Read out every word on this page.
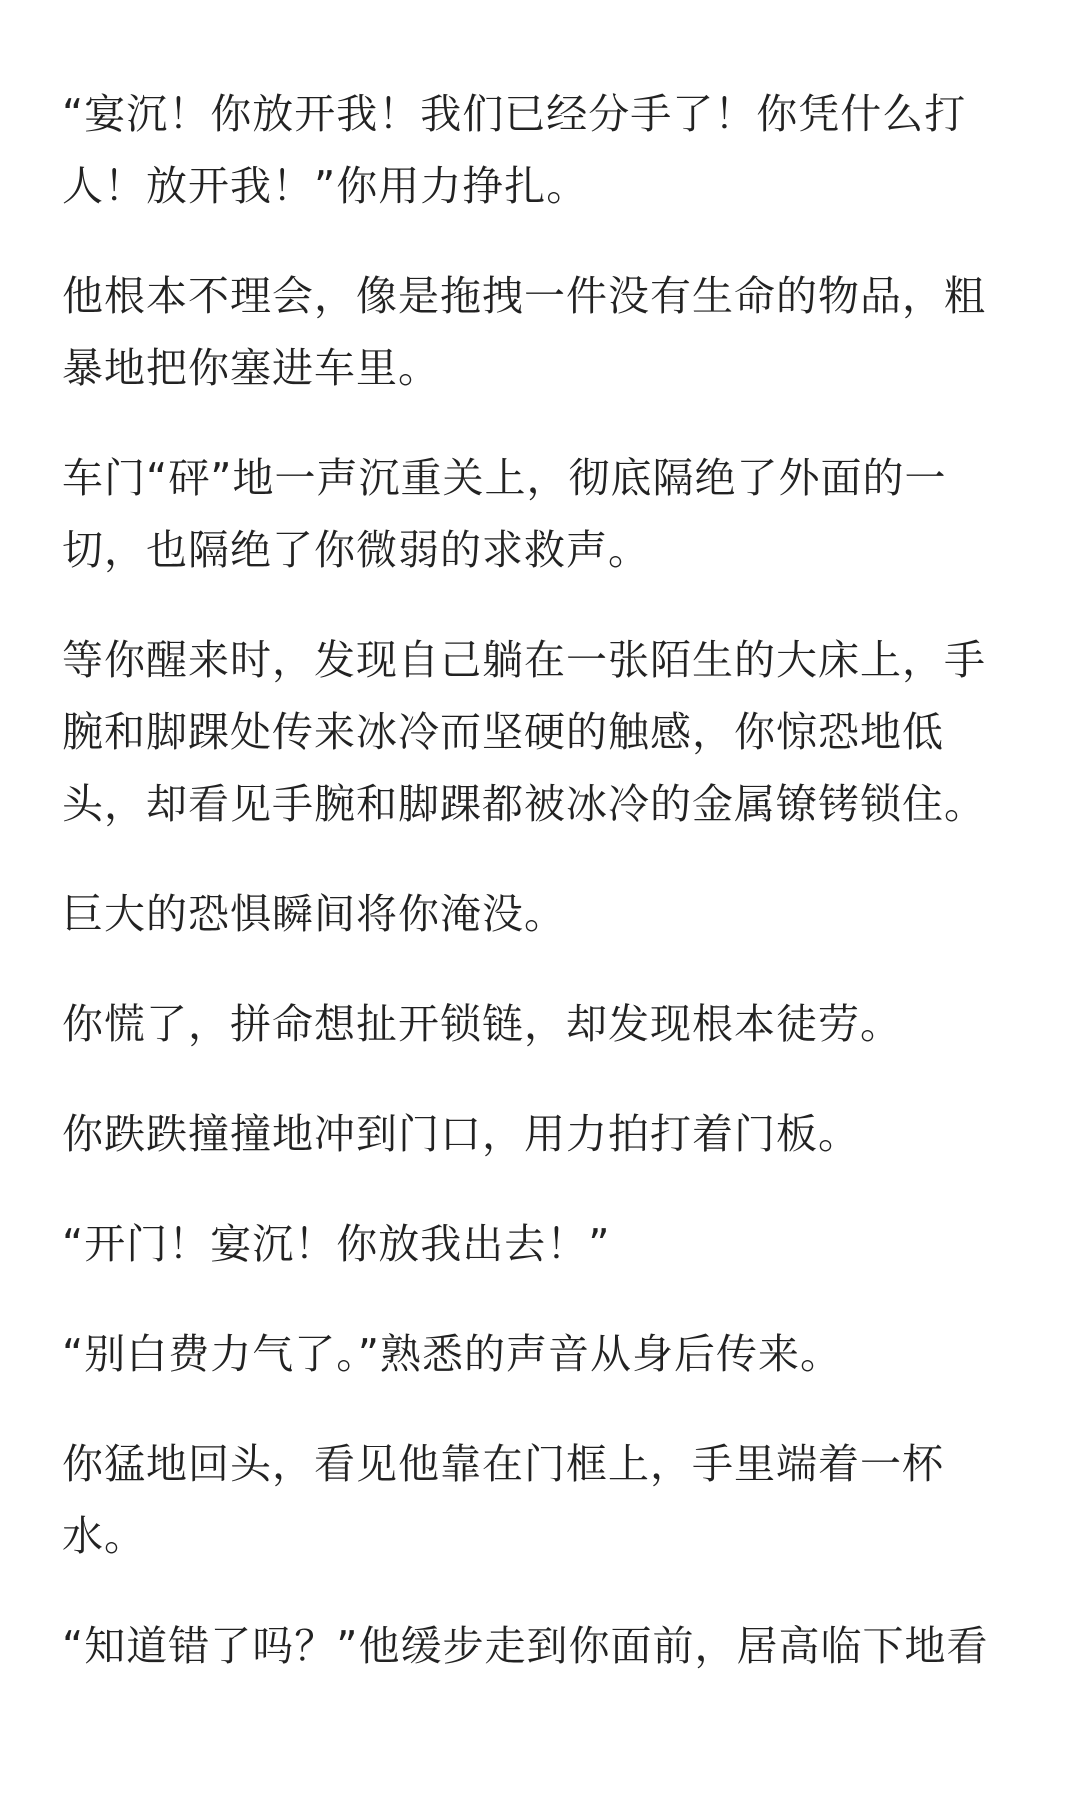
“宴沉！你放开我！我们已经分手了！你凭什么打人！放开我！”你用力挣扎。

他根本不理会，像是拖拽一件没有生命的物品，粗暴地把你塞进车里。

车门“砰”地一声沉重关上，彻底隔绝了外面的一切，也隔绝了你微弱的求救声。

等你醒来时，发现自己躺在一张陌生的大床上，手腕和脚踝处传来冰冷而坚硬的触感，你惊恐地低头，却看见手腕和脚踝都被冰冷的金属镣铐锁住。

巨大的恐惧瞬间将你淹没。

你慌了，拼命想扯开锁链，却发现根本徒劳。

你跌跌撞撞地冲到门口，用力拍打着门板。

“开门！宴沉！你放我出去！”

“别白费力气了。”熟悉的声音从身后传来。

你猛地回头，看见他靠在门框上，手里端着一杯水。

“知道错了吗？”他缓步走到你面前，居高临下地看
